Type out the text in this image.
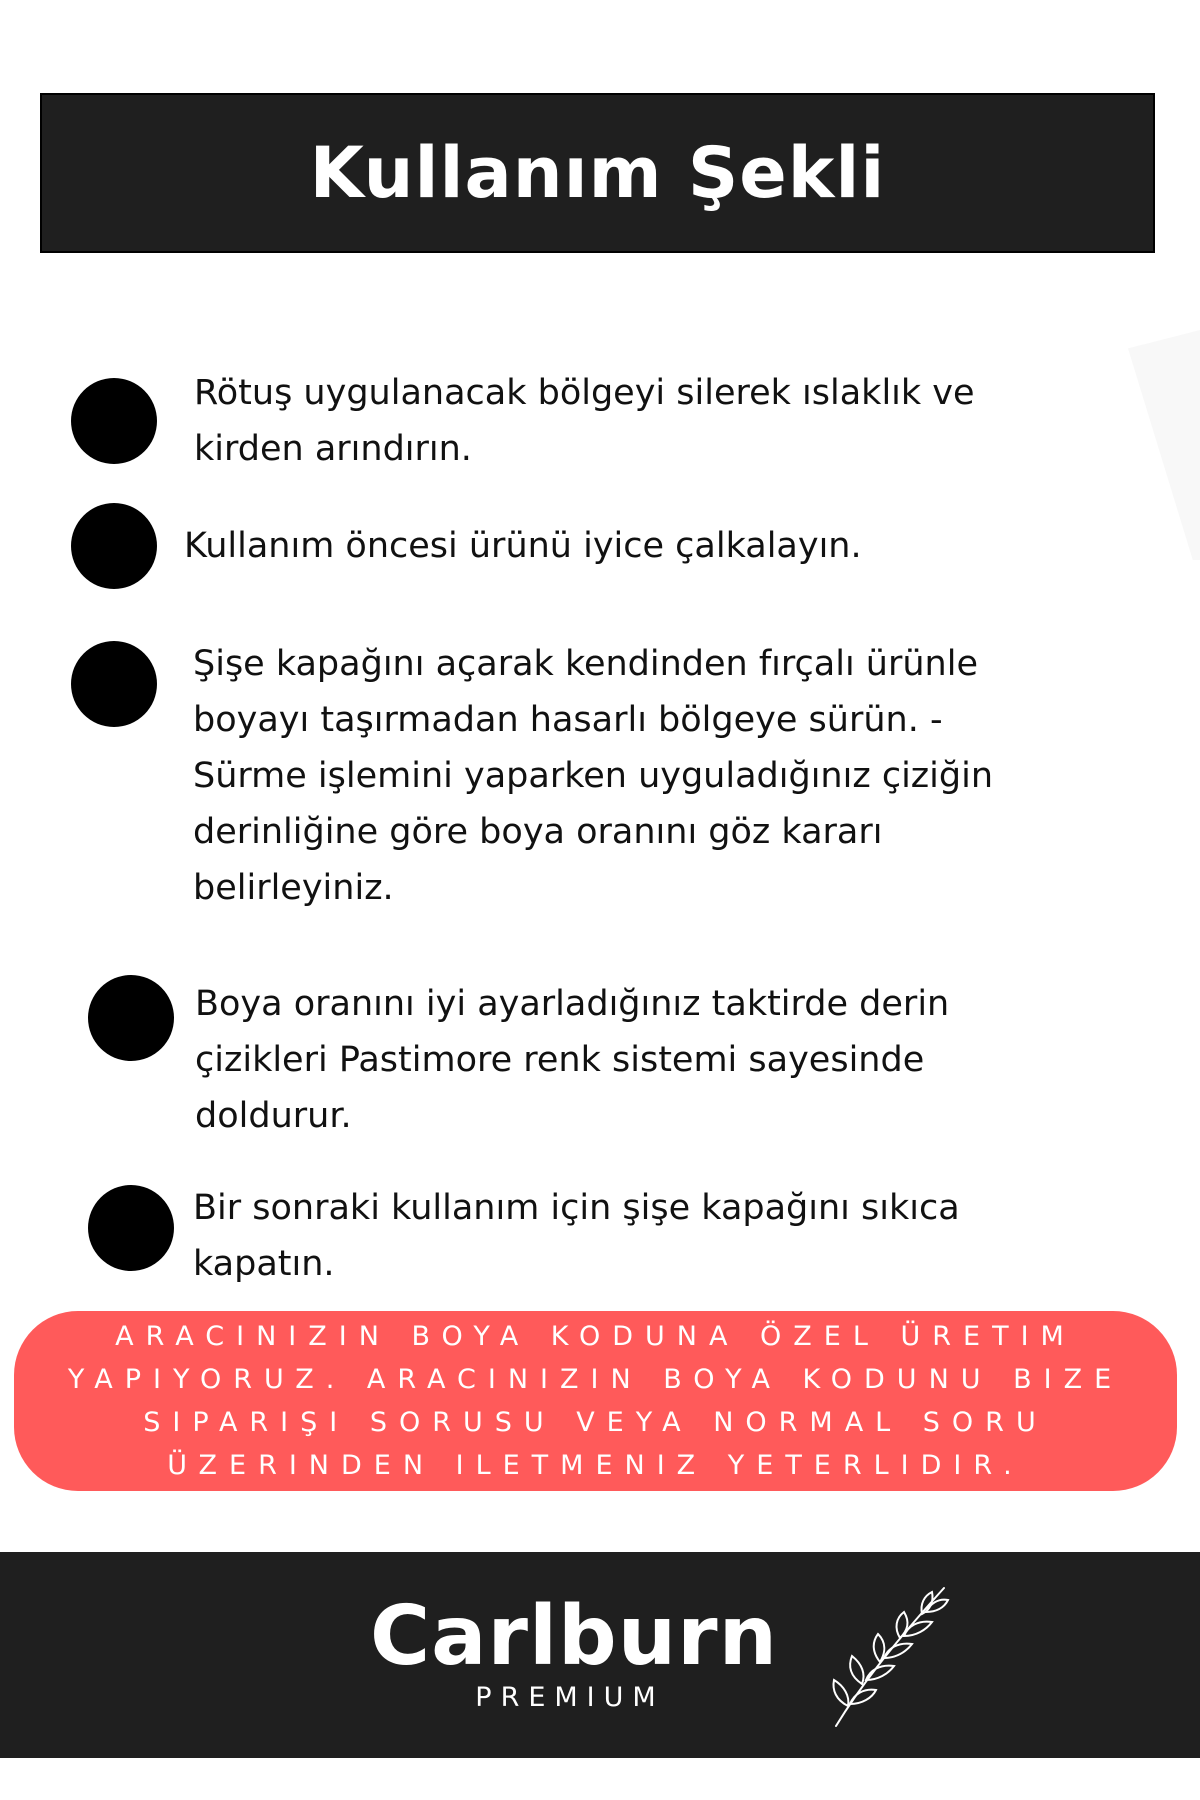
Kullanım Şekli

Rötuş uygulanacak bölgeyi silerek ıslaklık ve kirden arındırın.

Kullanım öncesi ürünü iyice çalkalayın.

Şişe kapağını açarak kendinden fırçalı ürünle boyayı taşırmadan hasarlı bölgeye sürün. - Sürme işlemini yaparken uyguladığınız çiziğin derinliğine göre boya oranını göz kararı belirleyiniz.

Boya oranını iyi ayarladığınız taktirde derin çizikleri Pastimore renk sistemi sayesinde doldurur.

Bir sonraki kullanım için şişe kapağını sıkıca kapatın.

ARACINIZIN BOYA KODUNA ÖZEL ÜRETIM YAPIYORUZ. ARACINIZIN BOYA KODUNU BIZE SIPARIŞI SORUSU VEYA NORMAL SORU ÜZERINDEN ILETMENIZ YETERLIDIR.

Carlburn
PREMIUM
